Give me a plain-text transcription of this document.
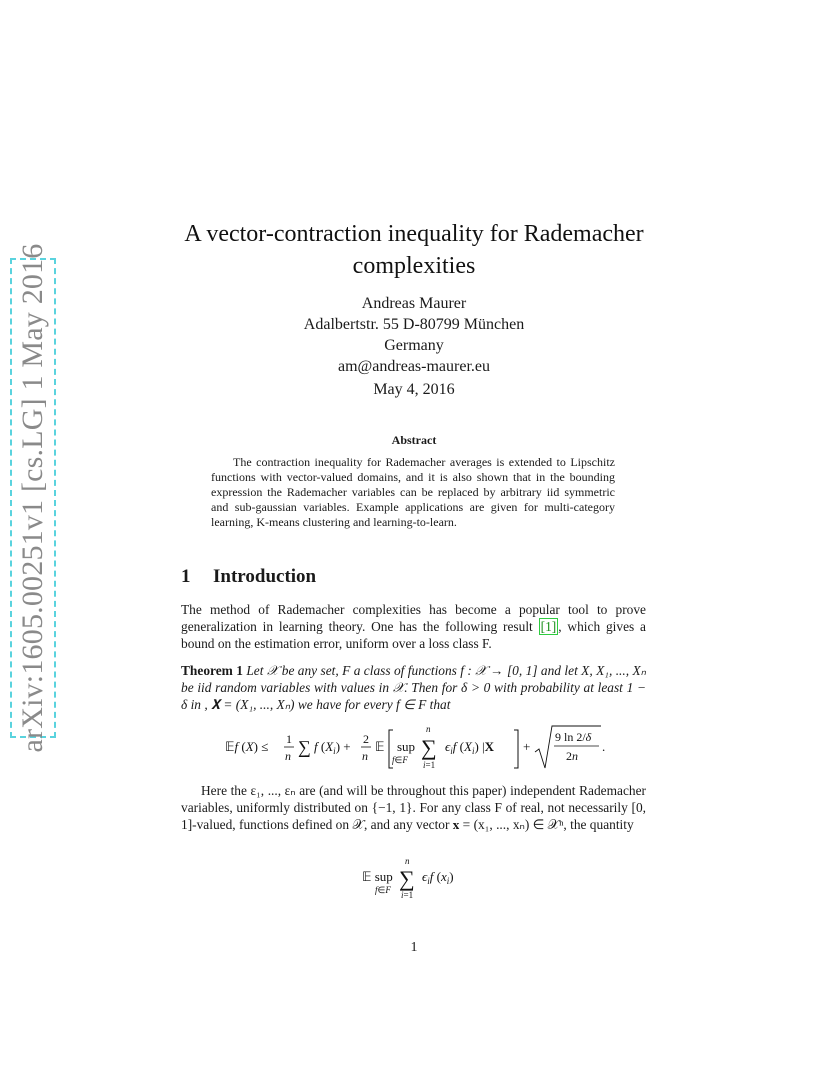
arXiv:1605.00251v1 [cs.LG] 1 May 2016
A vector-contraction inequality for Rademacher complexities
Andreas Maurer
Adalbertstr. 55 D-80799 München
Germany
am@andreas-maurer.eu
May 4, 2016
Abstract
The contraction inequality for Rademacher averages is extended to Lipschitz functions with vector-valued domains, and it is also shown that in the bounding expression the Rademacher variables can be replaced by arbitrary iid symmetric and sub-gaussian variables. Example applications are given for multi-category learning, K-means clustering and learning-to-learn.
1 Introduction
The method of Rademacher complexities has become a popular tool to prove generalization in learning theory. One has the following result [1] , which gives a bound on the estimation error, uniform over a loss class F.
Theorem 1 Let 𝒳 be any set, F a class of functions f : 𝒳 → [0, 1] and let X, X₁, ..., Xₙ be iid random variables with values in 𝒳. Then for δ > 0 with probability at least 1 − δ in , 𝐗 = (X₁, ..., Xₙ) we have for every f ∈ F that
𝔼f (X) ≤ 1
n ∑ f $(X_i) + 2$
n
𝔼 sup
f∈F
n
∑
i=1
$\epsilon_if$ $(X_i) |X$ +
9 ln 2/δ
2n
.
Here the ε₁, ..., εₙ are (and will be throughout this paper) independent Rademacher variables, uniformly distributed on {−1, 1}. For any class F of real, not necessarily [0, 1]-valued, functions defined on 𝒳, and any vector 𝐱 = (x₁, ..., xₙ) ∈ 𝒳ⁿ, the quantity
𝔼 sup
f∈F
n
∑
i=1
$\epsilon_if$ $(x_i)$
1
